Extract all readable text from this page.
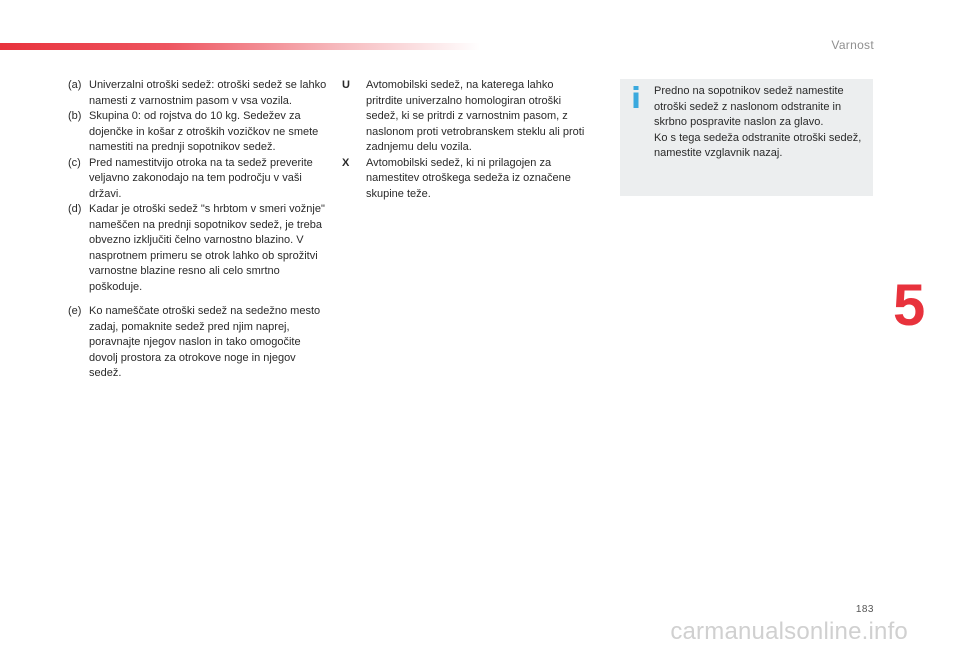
Varnost
5
(a) Univerzalni otroški sedež: otroški sedež se lahko namesti z varnostnim pasom v vsa vozila.
(b) Skupina 0: od rojstva do 10 kg. Sedežev za dojenčke in košar z otroških vozičkov ne smete namestiti na prednji sopotnikov sedež.
(c) Pred namestitvijo otroka na ta sedež preverite veljavno zakonodajo na tem področju v vaši državi.
(d) Kadar je otroški sedež "s hrbtom v smeri vožnje" nameščen na prednji sopotnikov sedež, je treba obvezno izključiti čelno varnostno blazino. V nasprotnem primeru se otrok lahko ob sprožitvi varnostne blazine resno ali celo smrtno poškoduje.
(e) Ko nameščate otroški sedež na sedežno mesto zadaj, pomaknite sedež pred njim naprej, poravnajte njegov naslon in tako omogočite dovolj prostora za otrokove noge in njegov sedež.
U	Avtomobilski sedež, na katerega lahko pritrdite univerzalno homologiran otroški sedež, ki se pritrdi z varnostnim pasom, z naslonom proti vetrobranskem steklu ali proti zadnjemu delu vozila.
X	Avtomobilski sedež, ki ni prilagojen za namestitev otroškega sedeža iz označene skupine teže.

Predno na sopotnikov sedež namestite otroški sedež z naslonom odstranite in skrbno pospravite naslon za glavo.

Ko s tega sedeža odstranite otroški sedež, namestite vzglavnik nazaj.

183
carmanualsonline.info
